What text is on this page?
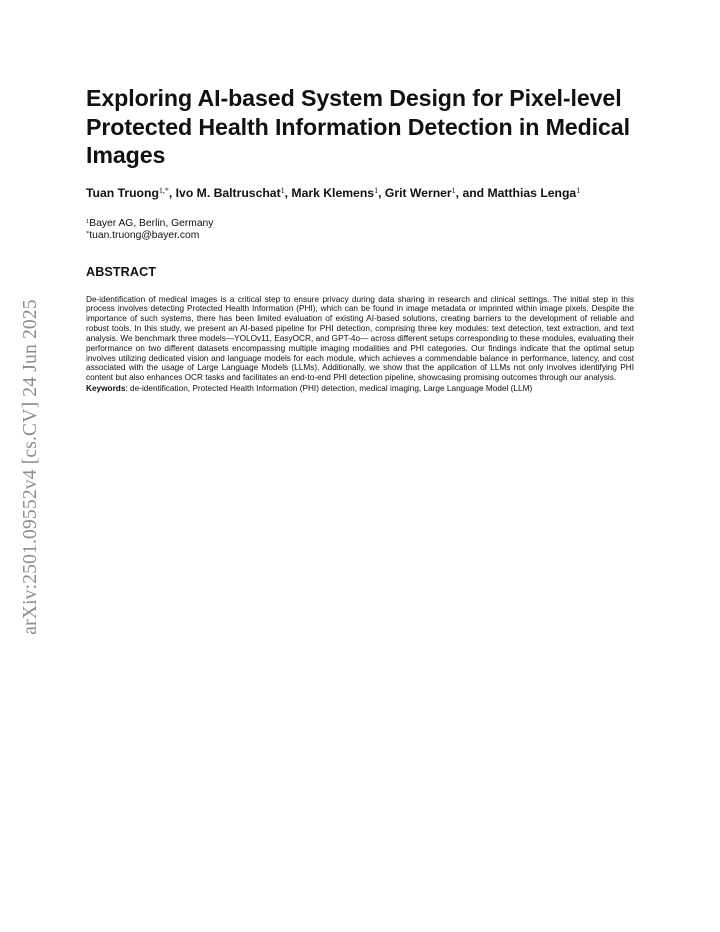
arXiv:2501.09552v4 [cs.CV] 24 Jun 2025
Exploring AI-based System Design for Pixel-level Protected Health Information Detection in Medical Images
Tuan Truong$^{1,*}$, Ivo M. Baltruschat$^1$, Mark Klemens$^1$, Grit Werner$^1$, and Matthias Lenga$^1$
$^1$Bayer AG, Berlin, Germany
*tuan.truong@bayer.com
ABSTRACT

De-identification of medical images is a critical step to ensure privacy during data sharing in research and clinical settings. The initial step in this process involves detecting Protected Health Information (PHI), which can be found in image metadata or imprinted within image pixels. Despite the importance of such systems, there has been limited evaluation of existing AI-based solutions, creating barriers to the development of reliable and robust tools. In this study, we present an AI-based pipeline for PHI detection, comprising three key modules: text detection, text extraction, and text analysis. We benchmark three models—YOLOv11, EasyOCR, and GPT-4o— across different setups corresponding to these modules, evaluating their performance on two different datasets encompassing multiple imaging modalities and PHI categories. Our findings indicate that the optimal setup involves utilizing dedicated vision and language models for each module, which achieves a commendable balance in performance, latency, and cost associated with the usage of Large Language Models (LLMs). Additionally, we show that the application of LLMs not only involves identifying PHI content but also enhances OCR tasks and facilitates an end-to-end PHI detection pipeline, showcasing promising outcomes through our analysis.

Keywords: de-identification, Protected Health Information (PHI) detection, medical imaging, Large Language Model (LLM)
